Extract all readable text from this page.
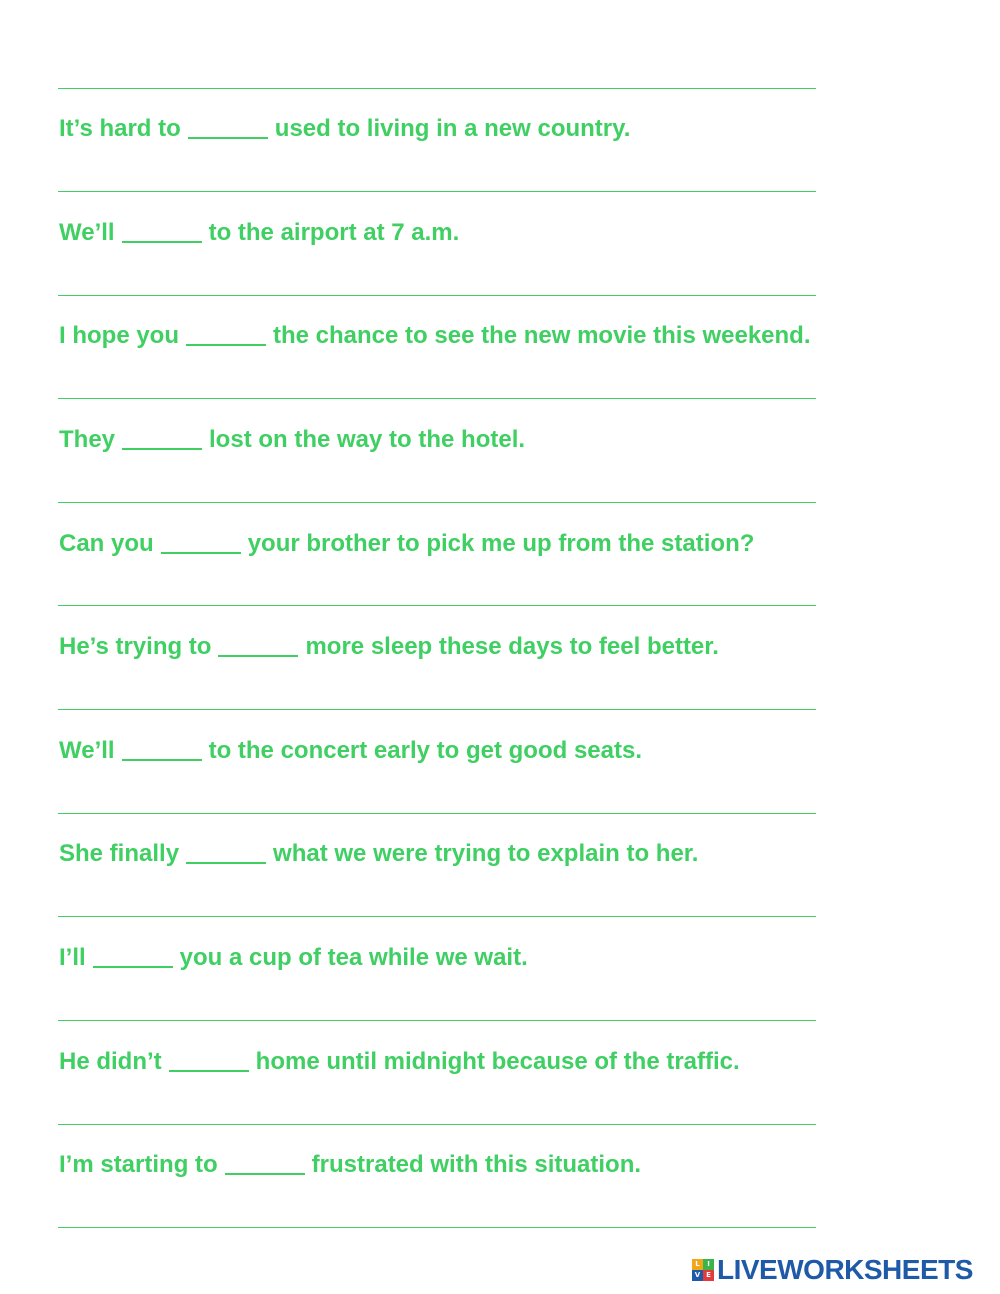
It’s hard to	used to living in a new country.
We’ll	to the airport at 7 a.m.
I hope you	the chance to see the new movie this weekend.
They	lost on the way to the hotel.
Can you	your brother to pick me up from the station?
He’s trying to	more sleep these days to feel better.
We’ll	to the concert early to get good seats.
She finally	what we were trying to explain to her.
I’ll	you a cup of tea while we wait.
He didn’t	home until midnight because of the traffic.
I’m starting to	frustrated with this situation.
L	I
V E LIVEWORKSHEETS
